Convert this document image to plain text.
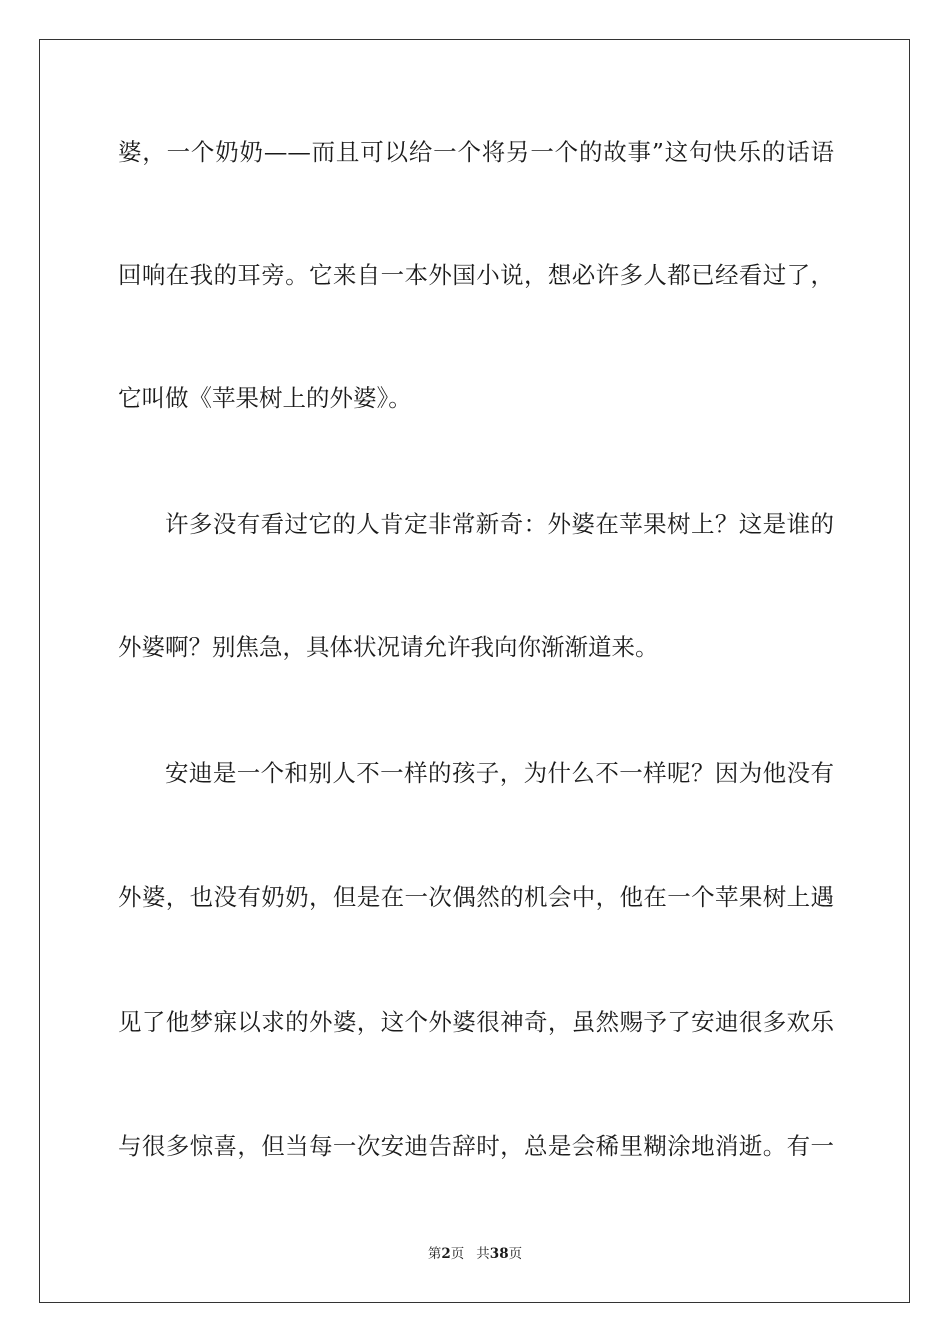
婆，一个奶奶——而且可以给一个将另一个的故事”这句快乐的话语
回响在我的耳旁。它来自一本外国小说，想必许多人都已经看过了，
它叫做《苹果树上的外婆》。
许多没有看过它的人肯定非常新奇：外婆在苹果树上？这是谁的
外婆啊？别焦急，具体状况请允许我向你渐渐道来。
安迪是一个和别人不一样的孩子，为什么不一样呢？因为他没有
外婆，也没有奶奶，但是在一次偶然的机会中，他在一个苹果树上遇
见了他梦寐以求的外婆，这个外婆很神奇，虽然赐予了安迪很多欢乐
与很多惊喜，但当每一次安迪告辞时，总是会稀里糊涂地消逝。有一
第2页 共38页
